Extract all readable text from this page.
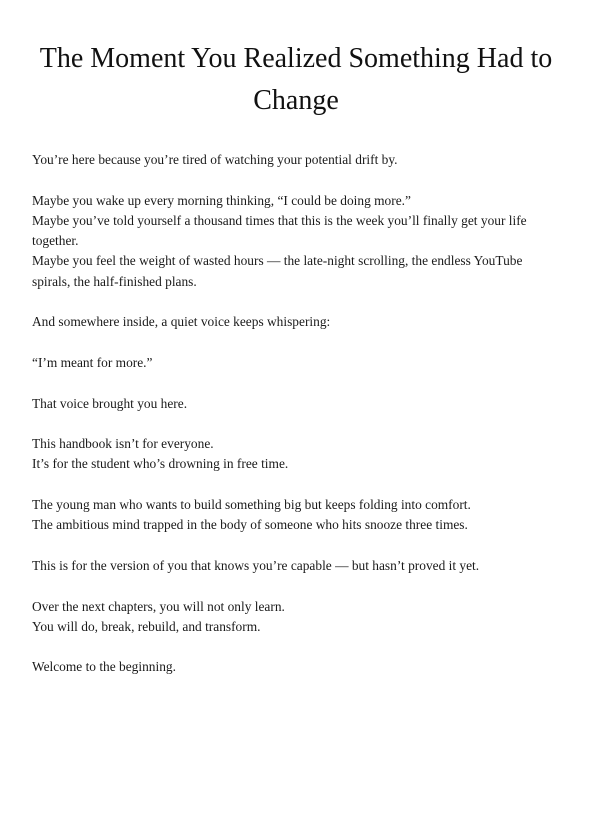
The Moment You Realized Something Had to Change

You’re here because you’re tired of watching your potential drift by.

Maybe you wake up every morning thinking, “I could be doing more.”
Maybe you’ve told yourself a thousand times that this is the week you’ll finally get your life together.
Maybe you feel the weight of wasted hours — the late-night scrolling, the endless YouTube spirals, the half-finished plans.

And somewhere inside, a quiet voice keeps whispering:

“I’m meant for more.”

That voice brought you here.

This handbook isn’t for everyone.
It’s for the student who’s drowning in free time.

The young man who wants to build something big but keeps folding into comfort.
The ambitious mind trapped in the body of someone who hits snooze three times.

This is for the version of you that knows you’re capable — but hasn’t proved it yet.

Over the next chapters, you will not only learn.
You will do, break, rebuild, and transform.

Welcome to the beginning.
